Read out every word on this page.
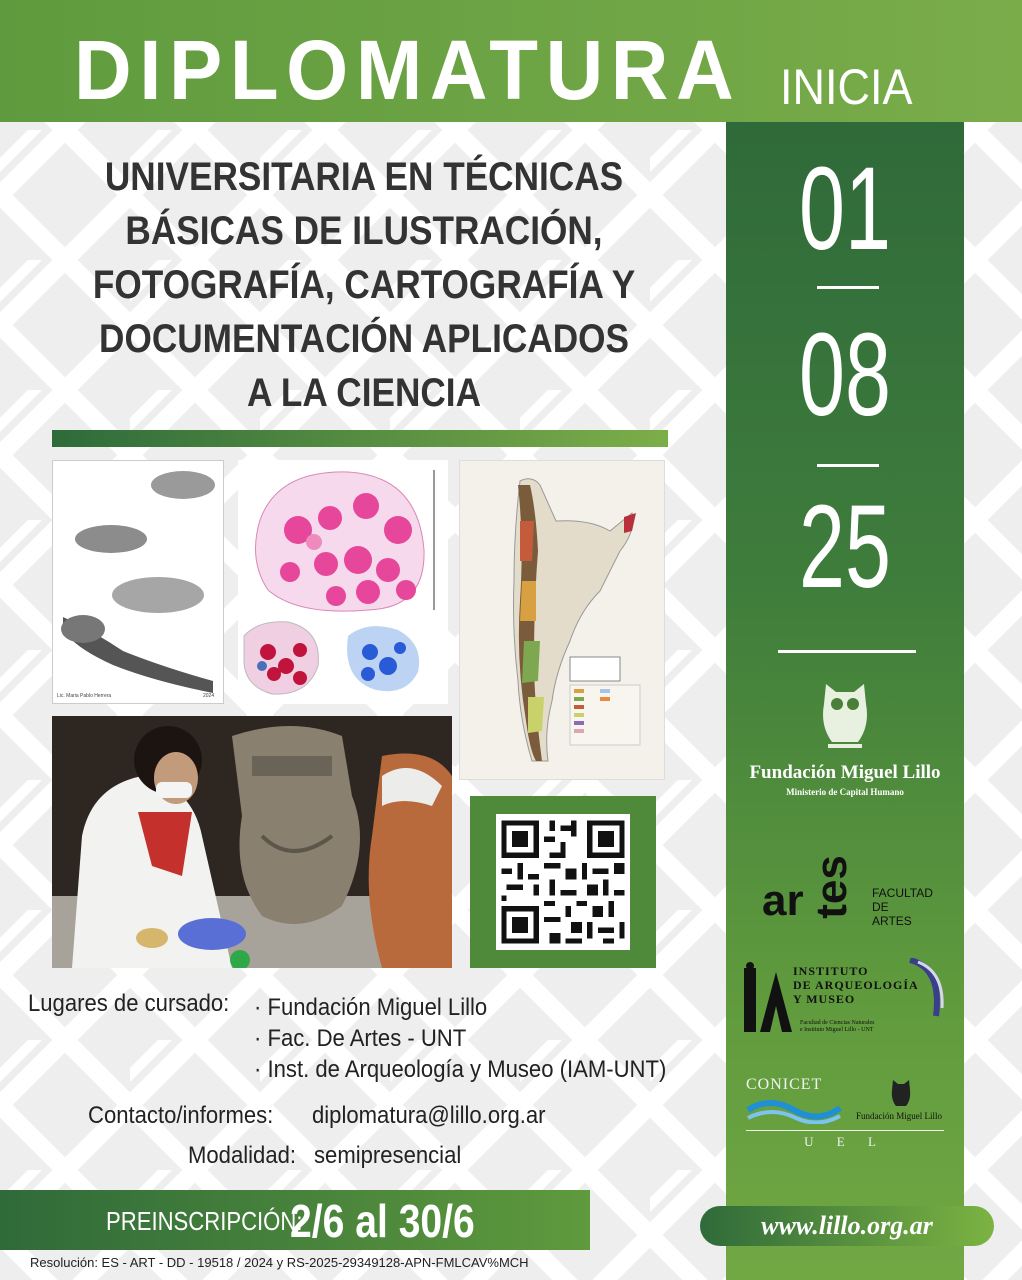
DIPLOMATURA INICIA
01
08
25
Fundación Miguel Lillo
Ministerio de Capital Humano
ar tes FACULTAD
DE
ARTES
INSTITUTO
DE ARQUEOLOGÍA
Y MUSEO
Facultad de Ciencias Naturales
e Instituto Miguel Lillo - UNT
CONICET
Fundación Miguel Lillo
U E L
UNIVERSITARIA EN TÉCNICAS
BÁSICAS DE ILUSTRACIÓN,
FOTOGRAFÍA, CARTOGRAFÍA Y
DOCUMENTACIÓN APLICADOS
A LA CIENCIA
Lic. Maria Pablo Herrera	2024
Lugares de cursado: · Fundación Miguel Lillo
· Fac. De Artes - UNT
· Inst. de Arqueología y Museo (IAM-UNT)
Contacto/informes: diplomatura@lillo.org.ar
Modalidad: semipresencial
PREINSCRIPCIÓN:
2/6 al 30/6
Resolución: ES - ART - DD - 19518 / 2024 y RS-2025-29349128-APN-FMLCAV%MCH
www.lillo.org.ar
